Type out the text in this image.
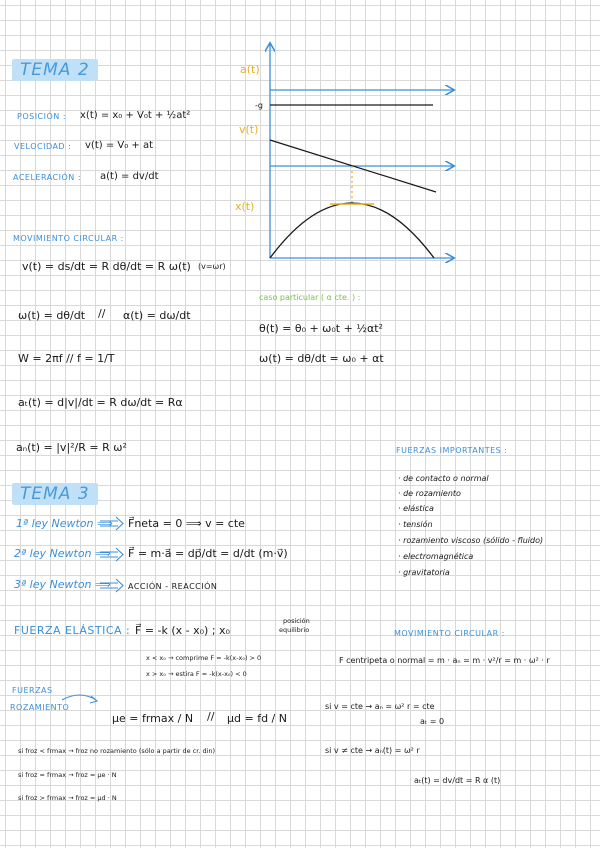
TEMA 2
POSICIÓN : x(t) = x₀ + V₀t + ½at²
VELOCIDAD : v(t) = V₀ + at
ACELERACIÓN : a(t) = dv/dt
MOVIMIENTO CIRCULAR :
v(t) = ds/dt = R dθ/dt = R ω(t) (v=ωr)
ω(t) = dθ/dt // α(t) = dω/dt
W = 2πf // f = 1/T
aₜ(t) = d|v|/dt = R dω/dt = Rα
aₙ(t) = |v|²/R = R ω²
caso particular ( α cte. ) :
θ(t) = θ₀ + ω₀t + ½αt²
ω(t) = dθ/dt = ω₀ + αt
a(t)
v(t)
x(t)
-g
FUERZAS IMPORTANTES :
· de contacto o normal
· de rozamiento
· elástica
· tensión
· rozamiento viscoso (sólido - fluido)
· electromagnética
· gravitatoria
TEMA 3
1ª ley Newton ⟹ F⃗neta = 0 ⟹ v = cte
2ª ley Newton ⟹ F⃗ = m·a⃗ = dp⃗/dt = d/dt (m·v⃗)
3ª ley Newton ⟹ ACCIÓN - REACCIÓN
FUERZA ELÁSTICA : F⃗ = -k (x - x₀) ; x₀
posición
equilibrio
x < x₀ → comprime F = -k(x-x₀) > 0
x > x₀ → estira F = -k(x-x₀) < 0
FUERZAS
ROZAMIENTO
μe = frmax / N // μd = fd / N
si froz < frmax → froz no rozamiento (sólo a partir de cr. din)
si froz = frmax → froz = μe · N
si froz > frmax → froz = μd · N
MOVIMIENTO CIRCULAR :
F centripeta o normal = m · aₙ = m · v²/r = m · ω² · r
si v = cte → aₙ = ω² r = cte
aₜ = 0
si v ≠ cte → aₙ(t) = ω² r
aₜ(t) = dv/dt = R α (t)
